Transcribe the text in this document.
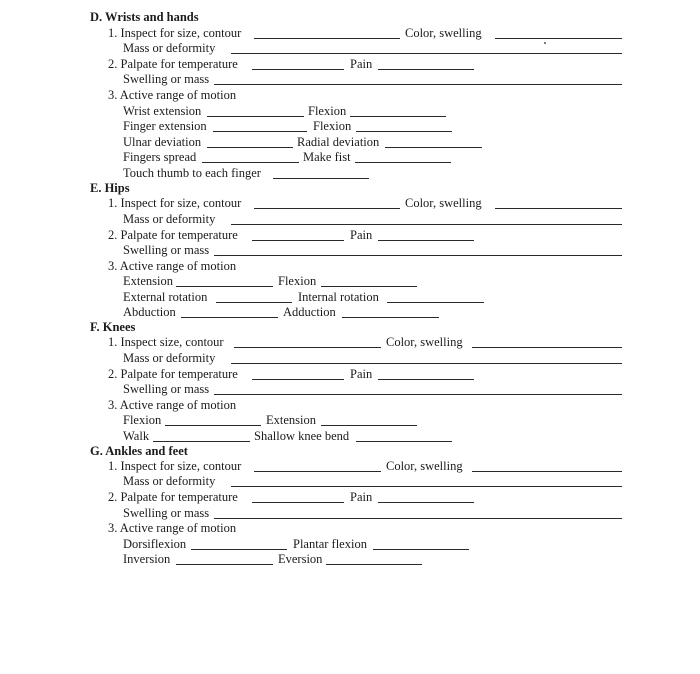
D. Wrists and hands
1. Inspect for size, contour	Color, swelling
Mass or deformity
2. Palpate for temperature	Pain
Swelling or mass
3. Active range of motion
Wrist extension	Flexion
Finger extension	Flexion
Ulnar deviation	Radial deviation
Fingers spread	Make fist
Touch thumb to each finger
E. Hips
1. Inspect for size, contour	Color, swelling
Mass or deformity
2. Palpate for temperature	Pain
Swelling or mass
3. Active range of motion
Extension	Flexion
External rotation	Internal rotation
Abduction	Adduction
F. Knees
1. Inspect size, contour	Color, swelling
Mass or deformity
2. Palpate for temperature	Pain
Swelling or mass
3. Active range of motion
Flexion	Extension
Walk	Shallow knee bend
G. Ankles and feet
1. Inspect for size, contour	Color, swelling
Mass or deformity
2. Palpate for temperature	Pain
Swelling or mass
3. Active range of motion
Dorsiflexion	Plantar flexion
Inversion	Eversion
